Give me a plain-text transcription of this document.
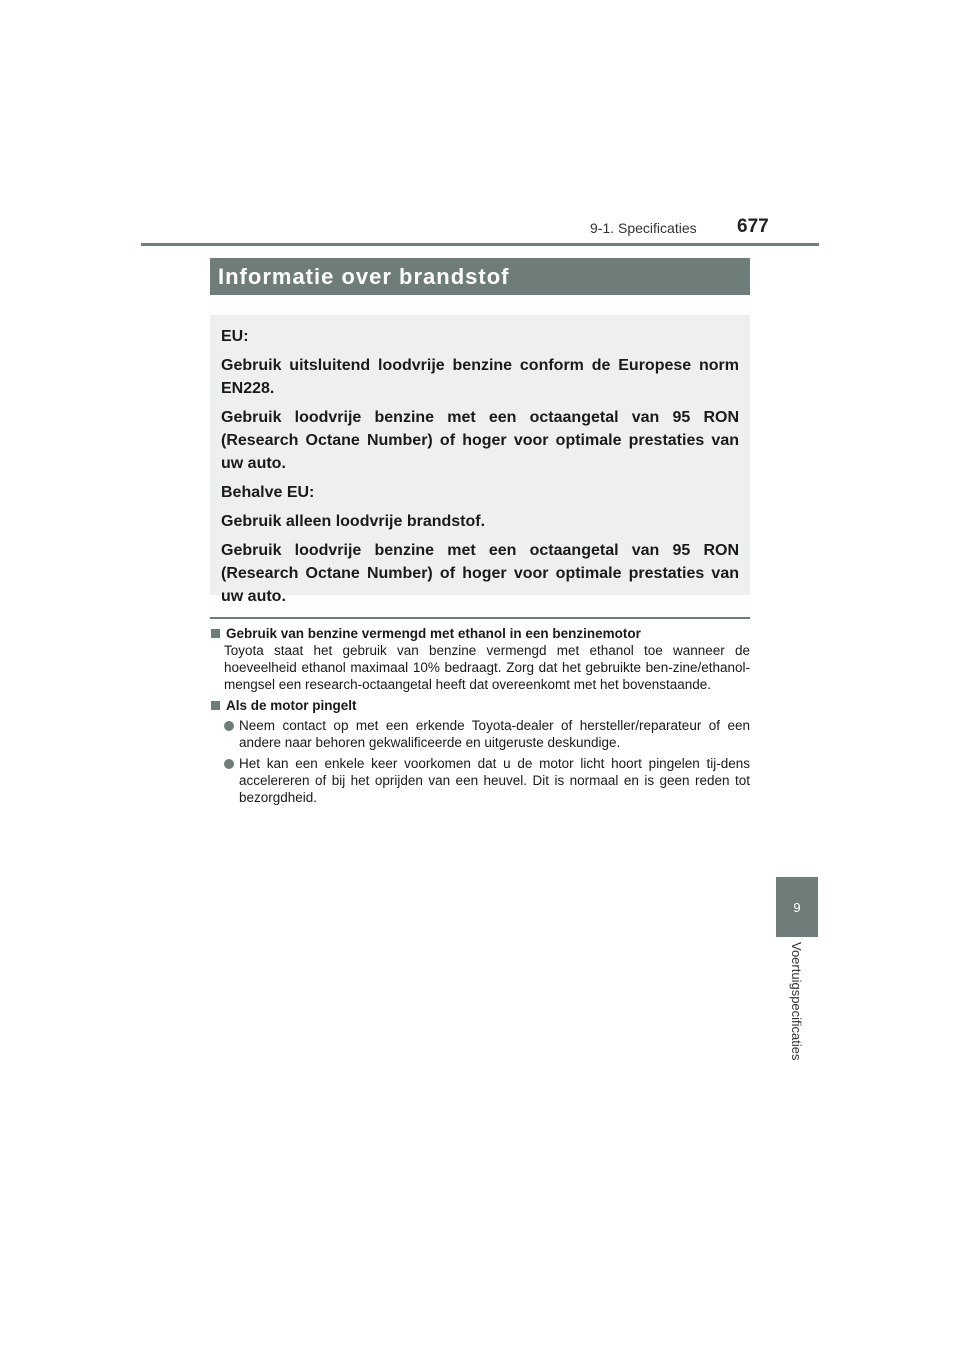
9-1. Specificaties 677
Informatie over brandstof

EU:

Gebruik uitsluitend loodvrije benzine conform de Europese norm EN228.

Gebruik loodvrije benzine met een octaangetal van 95 RON (Research Octane Number) of hoger voor optimale prestaties van uw auto.

Behalve EU:

Gebruik alleen loodvrije brandstof.

Gebruik loodvrije benzine met een octaangetal van 95 RON (Research Octane Number) of hoger voor optimale prestaties van uw auto.

Gebruik van benzine vermengd met ethanol in een benzinemotor

Toyota staat het gebruik van benzine vermengd met ethanol toe wanneer de hoeveelheid ethanol maximaal 10% bedraagt. Zorg dat het gebruikte ben-zine/ethanol-mengsel een research-octaangetal heeft dat overeenkomt met het bovenstaande.

Als de motor pingelt
Neem contact op met een erkende Toyota-dealer of hersteller/reparateur of een andere naar behoren gekwalificeerde en uitgeruste deskundige.
Het kan een enkele keer voorkomen dat u de motor licht hoort pingelen tij-dens accelereren of bij het oprijden van een heuvel. Dit is normaal en is geen reden tot bezorgdheid.
9
Voertuigspecificaties
